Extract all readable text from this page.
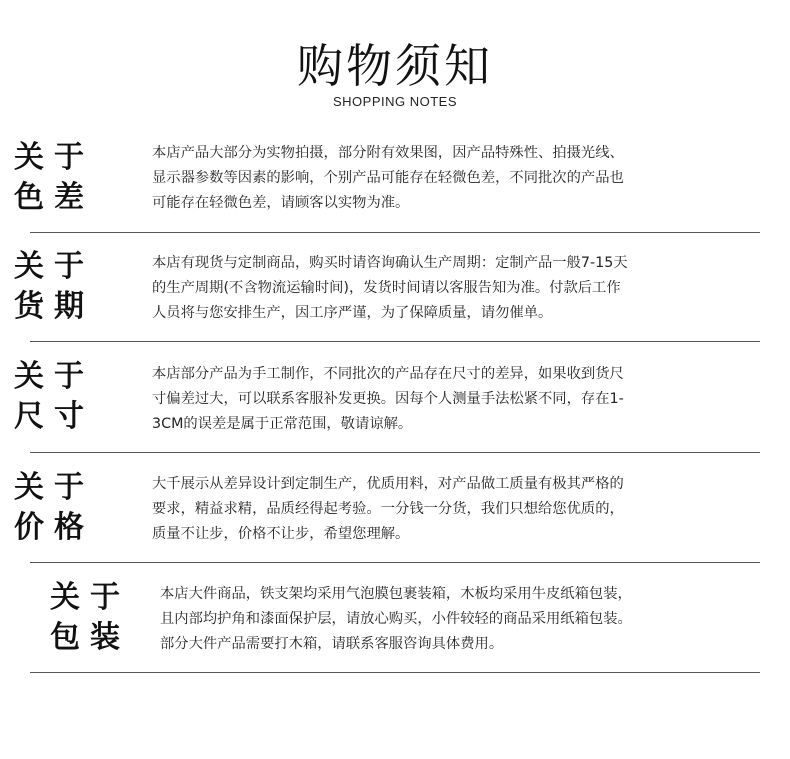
购物须知
SHOPPING NOTES
关于
色差
本店产品大部分为实物拍摄，部分附有效果图，因产品特殊性、拍摄光线、
显示器参数等因素的影响，个别产品可能存在轻微色差，不同批次的产品也
可能存在轻微色差，请顾客以实物为准。
关于
货期
本店有现货与定制商品，购买时请咨询确认生产周期：定制产品一般7-15天
的生产周期(不含物流运输时间)，发货时间请以客服告知为准。付款后工作
人员将与您安排生产，因工序严谨，为了保障质量，请勿催单。
关于
尺寸
本店部分产品为手工制作，不同批次的产品存在尺寸的差异，如果收到货尺
寸偏差过大，可以联系客服补发更换。因每个人测量手法松紧不同，存在1-
3CM的误差是属于正常范围，敬请谅解。
关于
价格
大千展示从差异设计到定制生产，优质用料，对产品做工质量有极其严格的
要求，精益求精，品质经得起考验。一分钱一分货，我们只想给您优质的，
质量不让步，价格不让步，希望您理解。
关于
包装
本店大件商品，铁支架均采用气泡膜包裹装箱，木板均采用牛皮纸箱包装，
且内部均护角和漆面保护层，请放心购买，小件较轻的商品采用纸箱包装。
部分大件产品需要打木箱，请联系客服咨询具体费用。
